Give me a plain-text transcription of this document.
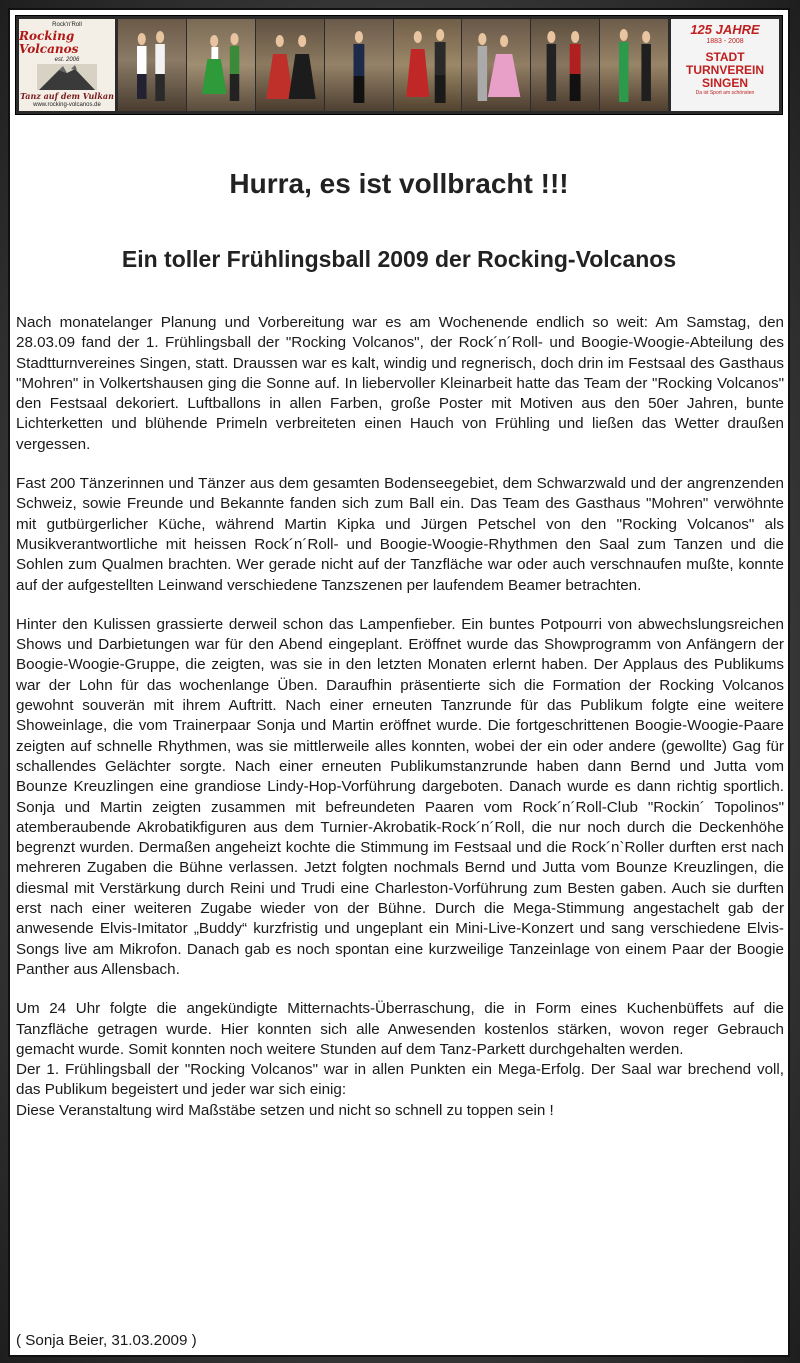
Rock'n'Roll
Rocking Volcanos
est. 2006
Tanz auf dem Vulkan
www.rocking-volcanos.de
125 JAHRE
1883 - 2008
STADT
TURNVEREIN
SINGEN
Da ist Sport am schönsten
Hurra, es ist vollbracht !!!
Ein toller Frühlingsball 2009 der Rocking-Volcanos

Nach monatelanger Planung und Vorbereitung war es am Wochenende endlich so weit: Am Samstag, den 28.03.09 fand der 1. Frühlingsball der "Rocking Volcanos", der Rock´n´Roll- und Boogie-Woogie-Abteilung des Stadtturnvereines Singen, statt. Draussen war es kalt, windig und regnerisch, doch drin im Festsaal des Gasthaus "Mohren" in Volkertshausen ging die Sonne auf. In liebervoller Kleinarbeit hatte das Team der "Rocking Volcanos" den Festsaal dekoriert. Luftballons in allen Farben, große Poster mit Motiven aus den 50er Jahren, bunte Lichterketten und blühende Primeln verbreiteten einen Hauch von Frühling und ließen das Wetter draußen vergessen.

Fast 200 Tänzerinnen und Tänzer aus dem gesamten Bodenseegebiet, dem Schwarzwald und der angrenzenden Schweiz, sowie Freunde und Bekannte fanden sich zum Ball ein. Das Team des Gasthaus "Mohren" verwöhnte mit gutbürgerlicher Küche, während Martin Kipka und Jürgen Petschel von den "Rocking Volcanos" als Musikverantwortliche mit heissen Rock´n´Roll- und Boogie-Woogie-Rhythmen den Saal zum Tanzen und die Sohlen zum Qualmen brachten. Wer gerade nicht auf der Tanzfläche war oder auch verschnaufen mußte, konnte auf der aufgestellten Leinwand verschiedene Tanzszenen per laufendem Beamer betrachten.

Hinter den Kulissen grassierte derweil schon das Lampenfieber. Ein buntes Potpourri von abwechslungsreichen Shows und Darbietungen war für den Abend eingeplant. Eröffnet wurde das Showprogramm von Anfängern der Boogie-Woogie-Gruppe, die zeigten, was sie in den letzten Monaten erlernt haben. Der Applaus des Publikums war der Lohn für das wochenlange Üben. Daraufhin präsentierte sich die Formation der Rocking Volcanos gewohnt souverän mit ihrem Auftritt. Nach einer erneuten Tanzrunde für das Publikum folgte eine weitere Showeinlage, die vom Trainerpaar Sonja und Martin eröffnet wurde. Die fortgeschrittenen Boogie-Woogie-Paare zeigten auf schnelle Rhythmen, was sie mittlerweile alles konnten, wobei der ein oder andere (gewollte) Gag für schallendes Gelächter sorgte. Nach einer erneuten Publikumstanzrunde haben dann Bernd und Jutta vom Bounze Kreuzlingen eine grandiose Lindy-Hop-Vorführung dargeboten. Danach wurde es dann richtig sportlich. Sonja und Martin zeigten zusammen mit befreundeten Paaren vom Rock´n´Roll-Club "Rockin´ Topolinos" atemberaubende Akrobatikfiguren aus dem Turnier-Akrobatik-Rock´n´Roll, die nur noch durch die Deckenhöhe begrenzt wurden. Dermaßen angeheizt kochte die Stimmung im Festsaal und die Rock´n`Roller durften erst nach mehreren Zugaben die Bühne verlassen. Jetzt folgten nochmals Bernd und Jutta vom Bounze Kreuzlingen, die diesmal mit Verstärkung durch Reini und Trudi eine Charleston-Vorführung zum Besten gaben. Auch sie durften erst nach einer weiteren Zugabe wieder von der Bühne. Durch die Mega-Stimmung angestachelt gab der anwesende Elvis-Imitator „Buddy“ kurzfristig und ungeplant ein Mini-Live-Konzert und sang verschiedene Elvis-Songs live am Mikrofon. Danach gab es noch spontan eine kurzweilige Tanzeinlage von einem Paar der Boogie Panther aus Allensbach.

Um 24 Uhr folgte die angekündigte Mitternachts-Überraschung, die in Form eines Kuchenbüffets auf die Tanzfläche getragen wurde. Hier konnten sich alle Anwesenden kostenlos stärken, wovon reger Gebrauch gemacht wurde. Somit konnten noch weitere Stunden auf dem Tanz-Parkett durchgehalten werden.

Der 1. Frühlingsball der "Rocking Volcanos" war in allen Punkten ein Mega-Erfolg. Der Saal war brechend voll, das Publikum begeistert und jeder war sich einig:

Diese Veranstaltung wird Maßstäbe setzen und nicht so schnell zu toppen sein !

( Sonja Beier, 31.03.2009 )
